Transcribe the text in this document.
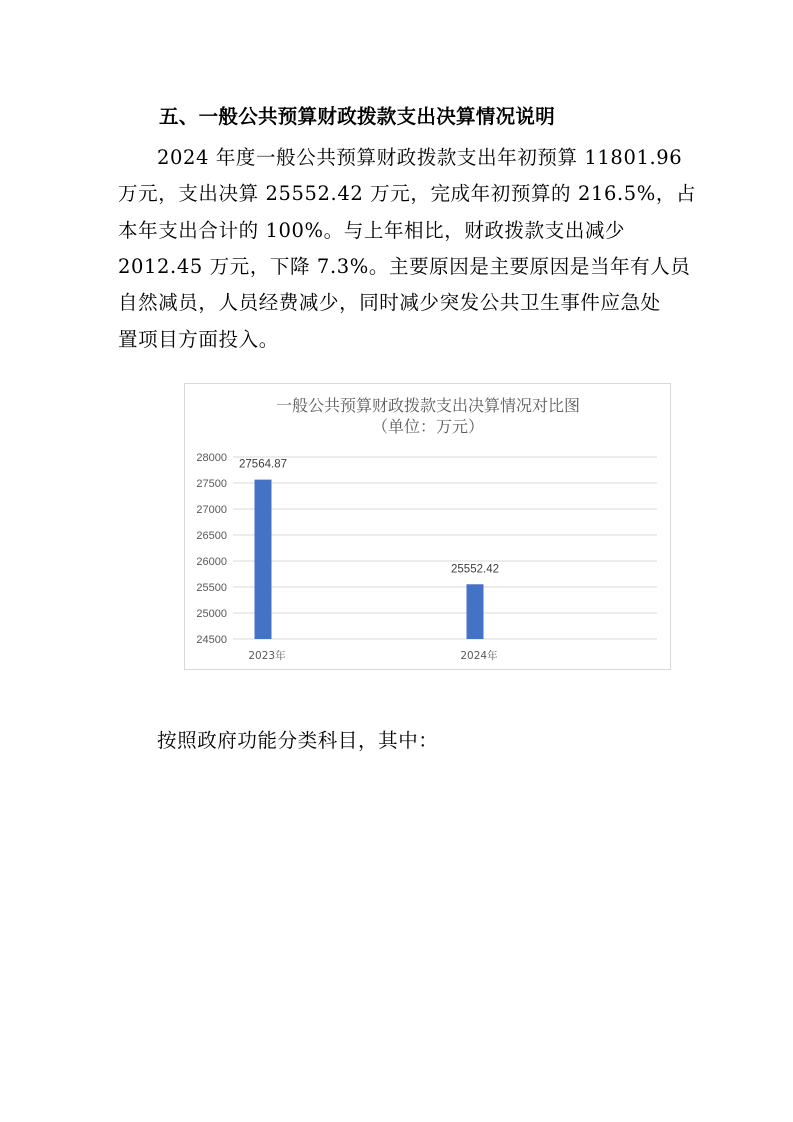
五、一般公共预算财政拨款支出决算情况说明
2024 年度一般公共预算财政拨款支出年初预算 11801.96
万元，支出决算 25552.42 万元，完成年初预算的 216.5%，占
本年支出合计的 100%。与上年相比，财政拨款支出减少
2012.45 万元，下降 7.3%。主要原因是主要原因是当年有人员
自然减员，人员经费减少，同时减少突发公共卫生事件应急处
置项目方面投入。
一般公共预算财政拨款支出决算情况对比图
（单位：万元）
28000
27500
27000
26500
26000
25500
25000
24500
27564.87
25552.42
2023年	2024年
按照政府功能分类科目，其中：
